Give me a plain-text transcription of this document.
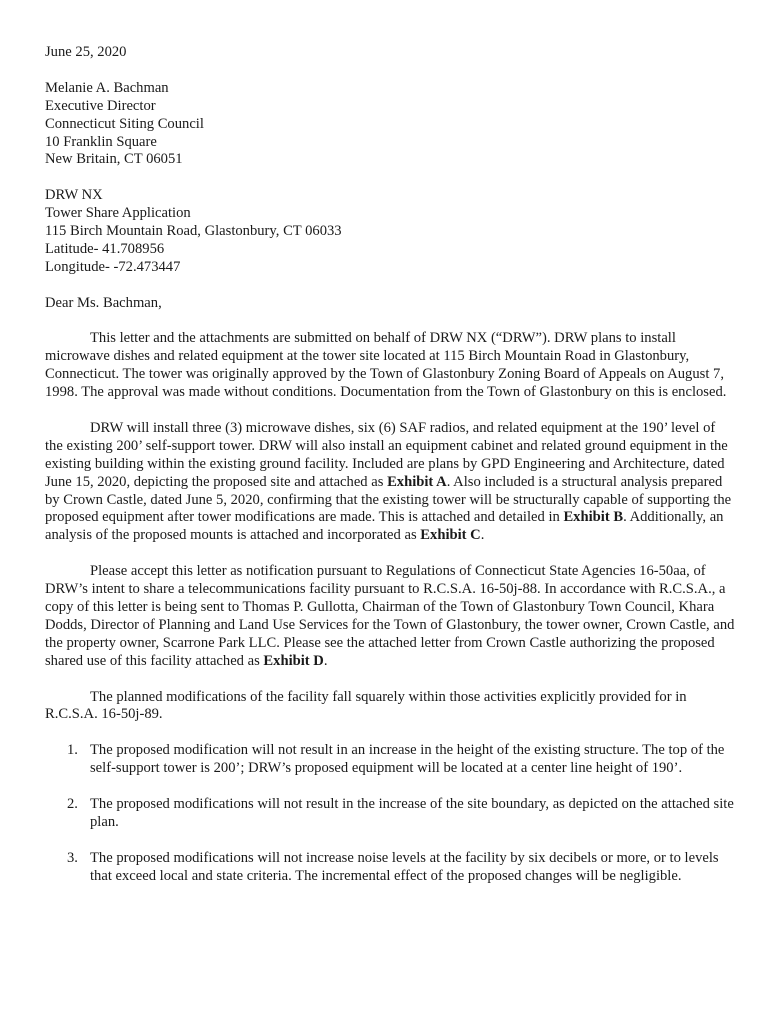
June 25, 2020
Melanie A. Bachman
Executive Director
Connecticut Siting Council
10 Franklin Square
New Britain, CT 06051
DRW NX
Tower Share Application
115 Birch Mountain Road, Glastonbury, CT 06033
Latitude- 41.708956
Longitude- -72.473447
Dear Ms. Bachman,

This letter and the attachments are submitted on behalf of DRW NX (“DRW”). DRW plans to install microwave dishes and related equipment at the tower site located at 115 Birch Mountain Road in Glastonbury, Connecticut. The tower was originally approved by the Town of Glastonbury Zoning Board of Appeals on August 7, 1998. The approval was made without conditions. Documentation from the Town of Glastonbury on this is enclosed.

DRW will install three (3) microwave dishes, six (6) SAF radios, and related equipment at the 190’ level of the existing 200’ self-support tower. DRW will also install an equipment cabinet and related ground equipment in the existing building within the existing ground facility. Included are plans by GPD Engineering and Architecture, dated June 15, 2020, depicting the proposed site and attached as Exhibit A. Also included is a structural analysis prepared by Crown Castle, dated June 5, 2020, confirming that the existing tower will be structurally capable of supporting the proposed equipment after tower modifications are made. This is attached and detailed in Exhibit B. Additionally, an analysis of the proposed mounts is attached and incorporated as Exhibit C.

Please accept this letter as notification pursuant to Regulations of Connecticut State Agencies 16-50aa, of DRW’s intent to share a telecommunications facility pursuant to R.C.S.A. 16-50j-88. In accordance with R.C.S.A., a copy of this letter is being sent to Thomas P. Gullotta, Chairman of the Town of Glastonbury Town Council, Khara Dodds, Director of Planning and Land Use Services for the Town of Glastonbury, the tower owner, Crown Castle, and the property owner, Scarrone Park LLC. Please see the attached letter from Crown Castle authorizing the proposed shared use of this facility attached as Exhibit D.

The planned modifications of the facility fall squarely within those activities explicitly provided for in R.C.S.A. 16-50j-89.

1. The proposed modification will not result in an increase in the height of the existing structure. The top of the self-support tower is 200’; DRW’s proposed equipment will be located at a center line height of 190’.
2. The proposed modifications will not result in the increase of the site boundary, as depicted on the attached site plan.
3. The proposed modifications will not increase noise levels at the facility by six decibels or more, or to levels that exceed local and state criteria. The incremental effect of the proposed changes will be negligible.
